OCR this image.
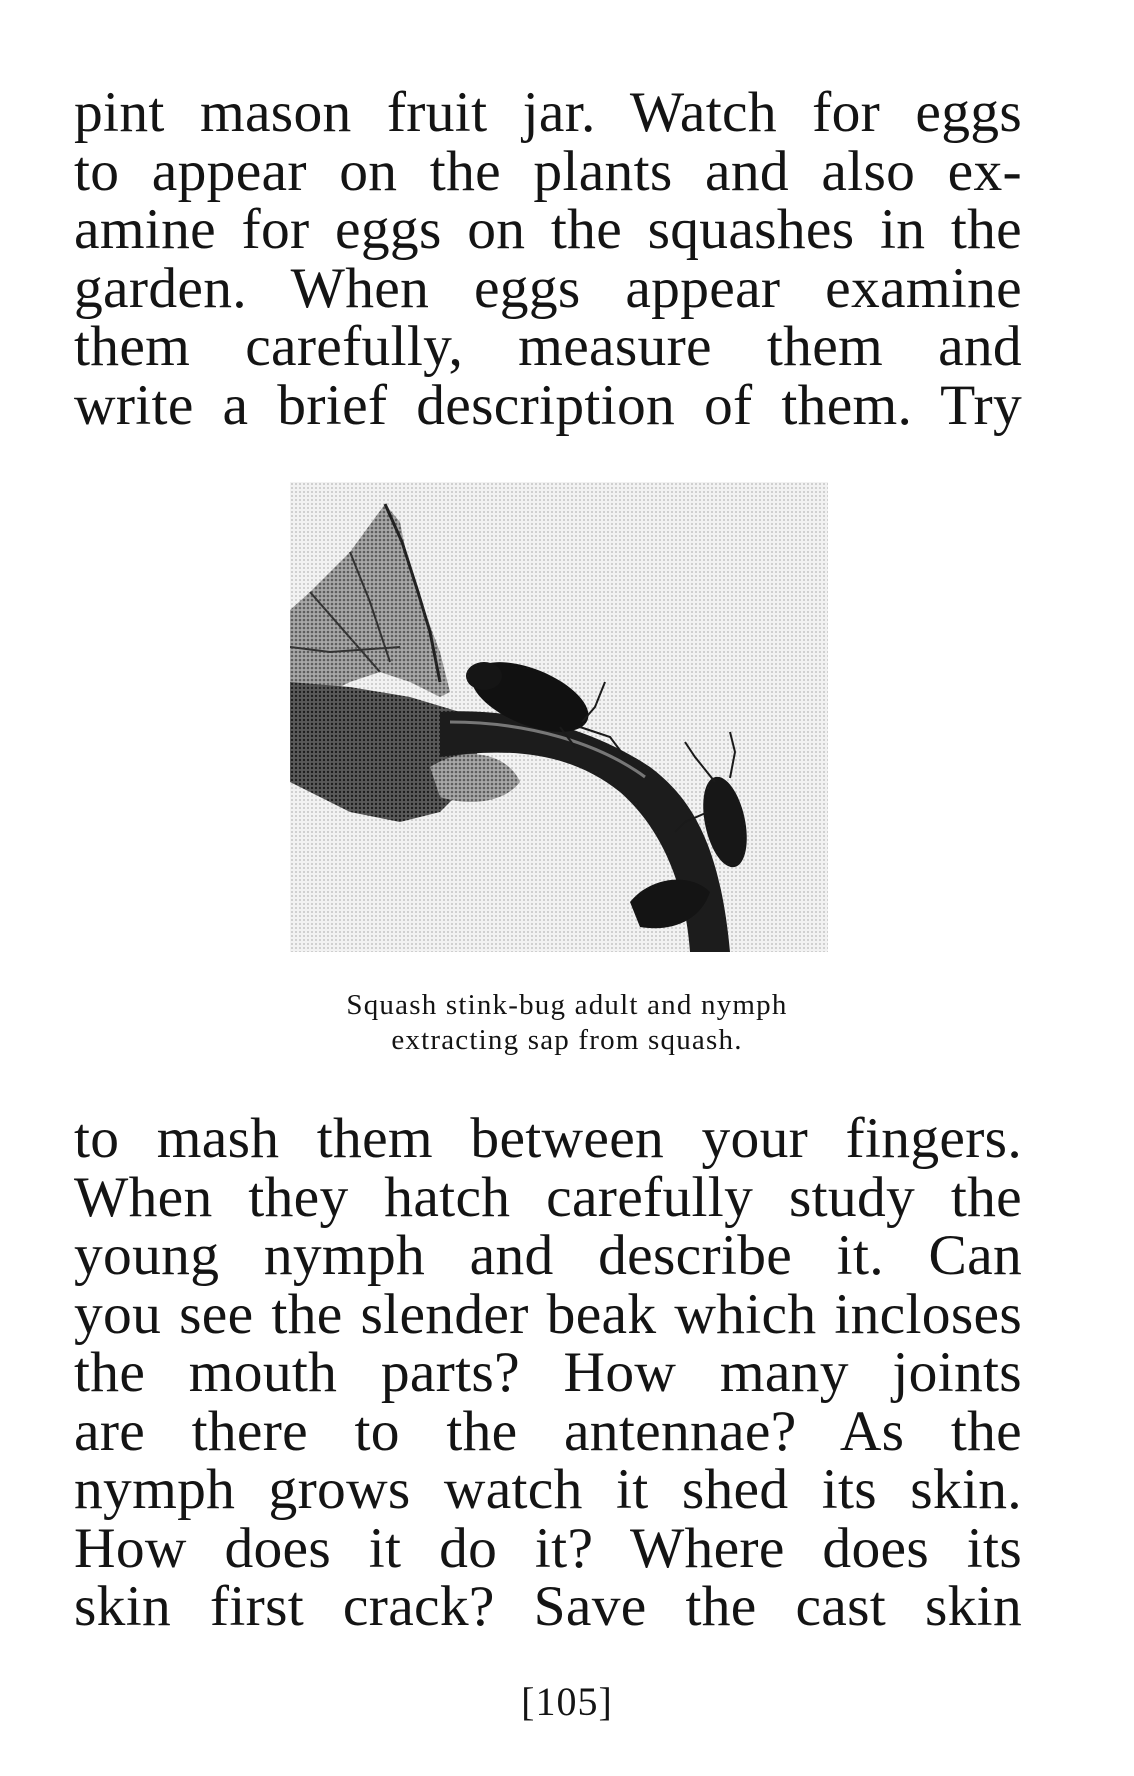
pint mason fruit jar. Watch for eggs
to appear on the plants and also ex-
amine for eggs on the squashes in the
garden. When eggs appear examine
them carefully, measure them and
write a brief description of them. Try
Squash stink-bug adult and nymph
extracting sap from squash.
to mash them between your fingers.
When they hatch carefully study the
young nymph and describe it. Can
you see the slender beak which incloses
the mouth parts? How many joints
are there to the antennae? As the
nymph grows watch it shed its skin.
How does it do it? Where does its
skin first crack? Save the cast skin
[105]
